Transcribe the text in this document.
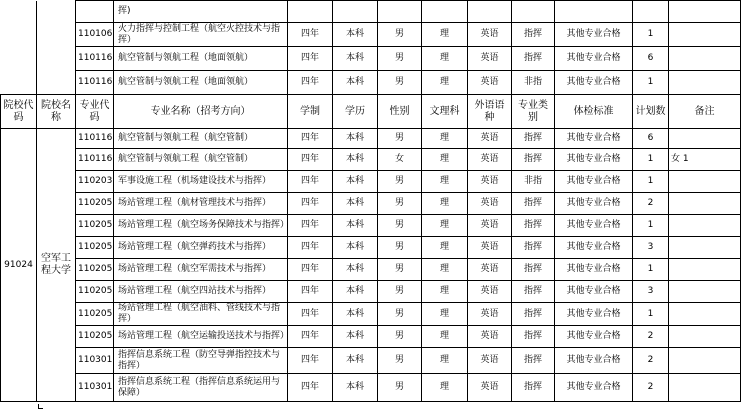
			挥)									
		110106	火力指挥与控制工程（航空火控技术与指挥）	四年	本科	男	理	英语	指挥	其他专业合格	1	
		110116	航空管制与领航工程（地面领航）	四年	本科	男	理	英语	指挥	其他专业合格	6	
		110116	航空管制与领航工程（地面领航）	四年	本科	男	理	英语	非指	其他专业合格	1	
院校代码	院校名称	专业代码	专业名称（招考方向）	学制	学历	性别	文理科	外语语种	专业类别	体检标准	计划数	备注
91024	空军工程大学	110116	航空管制与领航工程（航空管制）	四年	本科	男	理	英语	指挥	其他专业合格	6	
		110116	航空管制与领航工程（航空管制）	四年	本科	女	理	英语	指挥	其他专业合格	1	女 1
		110203	军事设施工程（机场建设技术与指挥）	四年	本科	男	理	英语	非指	其他专业合格	1	
		110205	场站管理工程（航材管理技术与指挥）	四年	本科	男	理	英语	指挥	其他专业合格	2	
		110205	场站管理工程（航空场务保障技术与指挥）	四年	本科	男	理	英语	指挥	其他专业合格	1	
		110205	场站管理工程（航空弹药技术与指挥）	四年	本科	男	理	英语	指挥	其他专业合格	3	
		110205	场站管理工程（航空军需技术与指挥）	四年	本科	男	理	英语	指挥	其他专业合格	1	
		110205	场站管理工程（航空四站技术与指挥）	四年	本科	男	理	英语	指挥	其他专业合格	3	
		110205	场站管理工程（航空油料、管线技术与指挥）	四年	本科	男	理	英语	指挥	其他专业合格	1	
		110205	场站管理工程（航空运输投送技术与指挥）	四年	本科	男	理	英语	指挥	其他专业合格	2	
		110301	指挥信息系统工程（防空导弹指控技术与指挥）	四年	本科	男	理	英语	指挥	其他专业合格	2	
		110301	指挥信息系统工程（指挥信息系统运用与保障）	四年	本科	男	理	英语	指挥	其他专业合格	2	
